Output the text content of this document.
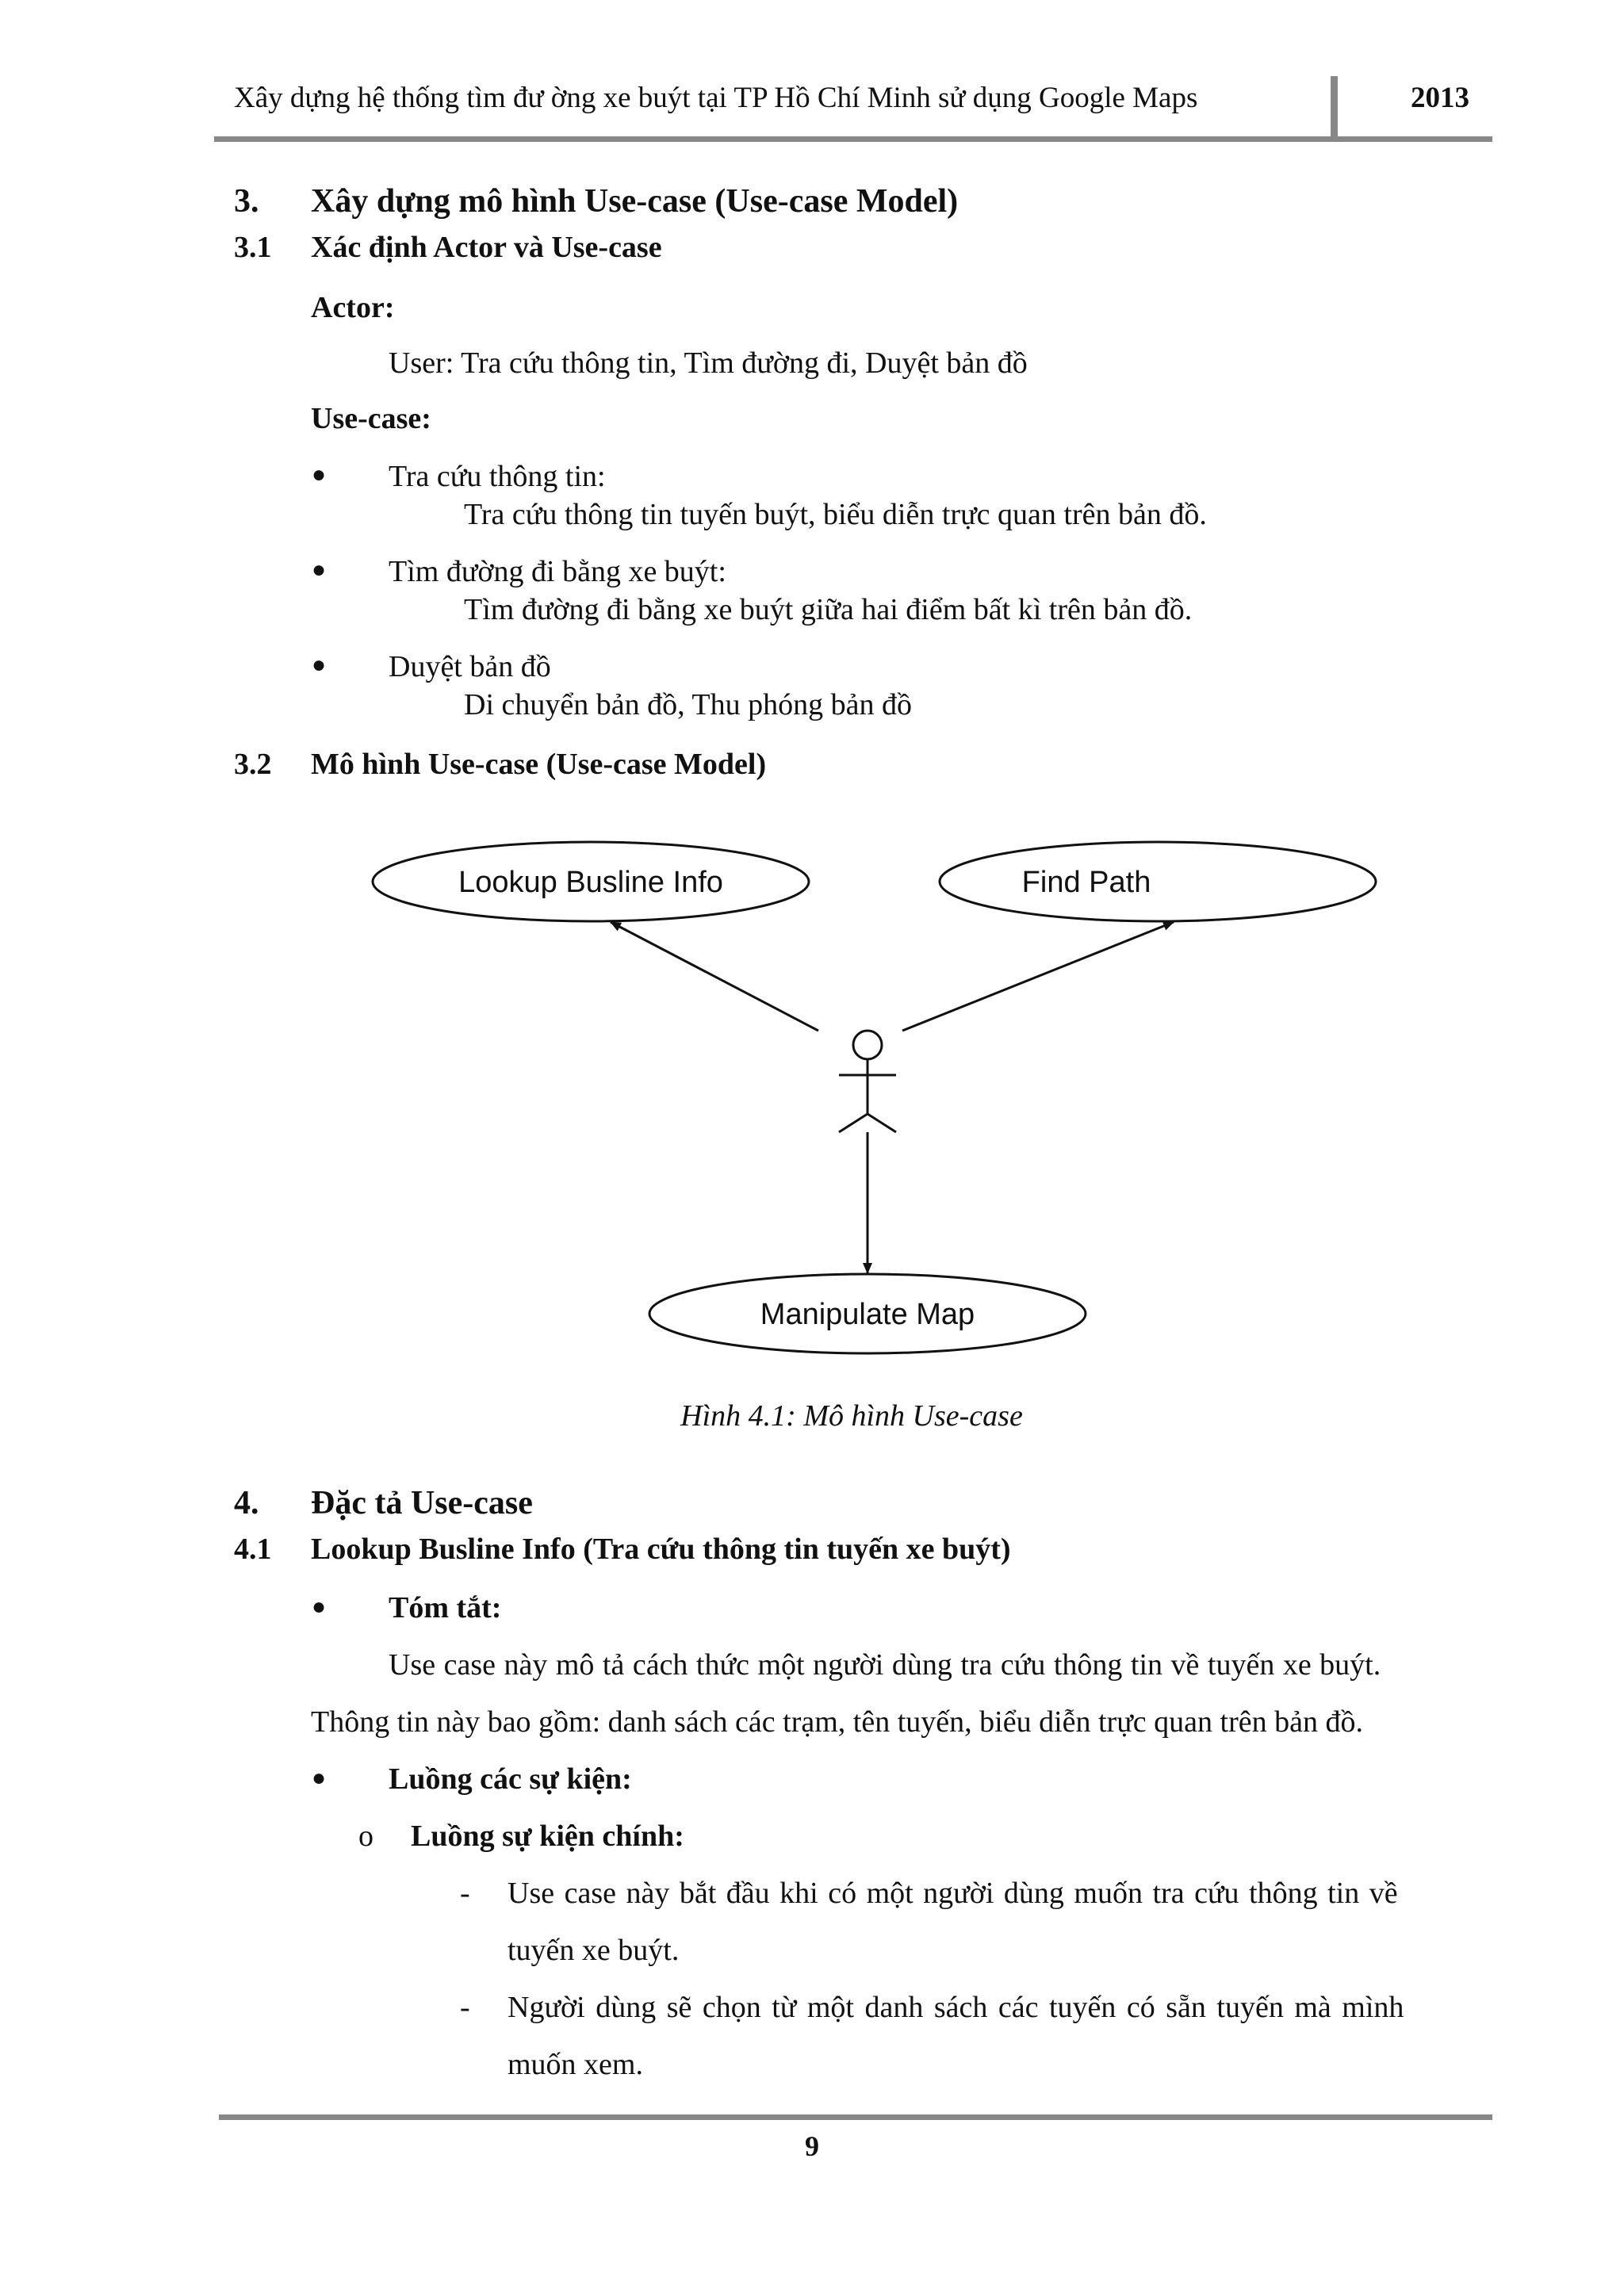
Xây dựng hệ thống tìm đư ờng xe buýt tại TP Hồ Chí Minh sử dụng Google Maps	2013
3. Xây dựng mô hình Use-case (Use-case Model)
3.1 Xác định Actor và Use-case
Actor:
User: Tra cứu thông tin, Tìm đường đi, Duyệt bản đồ
Use-case:
● Tra cứu thông tin:
Tra cứu thông tin tuyến buýt, biểu diễn trực quan trên bản đồ.
● Tìm đường đi bằng xe buýt:
Tìm đường đi bằng xe buýt giữa hai điểm bất kì trên bản đồ.
● Duyệt bản đồ
Di chuyển bản đồ, Thu phóng bản đồ
3.2 Mô hình Use-case (Use-case Model)
Lookup Busline Info	Find Path
Manipulate Map
Hình 4.1: Mô hình Use-case
4. Đặc tả Use-case
4.1 Lookup Busline Info (Tra cứu thông tin tuyến xe buýt)
● Tóm tắt:
Use case này mô tả cách thức một người dùng tra cứu thông tin về tuyến xe buýt.
Thông tin này bao gồm: danh sách các trạm, tên tuyến, biểu diễn trực quan trên bản đồ.
● Luồng các sự kiện:
o Luồng sự kiện chính:
- Use case này bắt đầu khi có một người dùng muốn tra cứu thông tin về
tuyến xe buýt.
- Người dùng sẽ chọn từ một danh sách các tuyến có sẵn tuyến mà mình
muốn xem.
9
